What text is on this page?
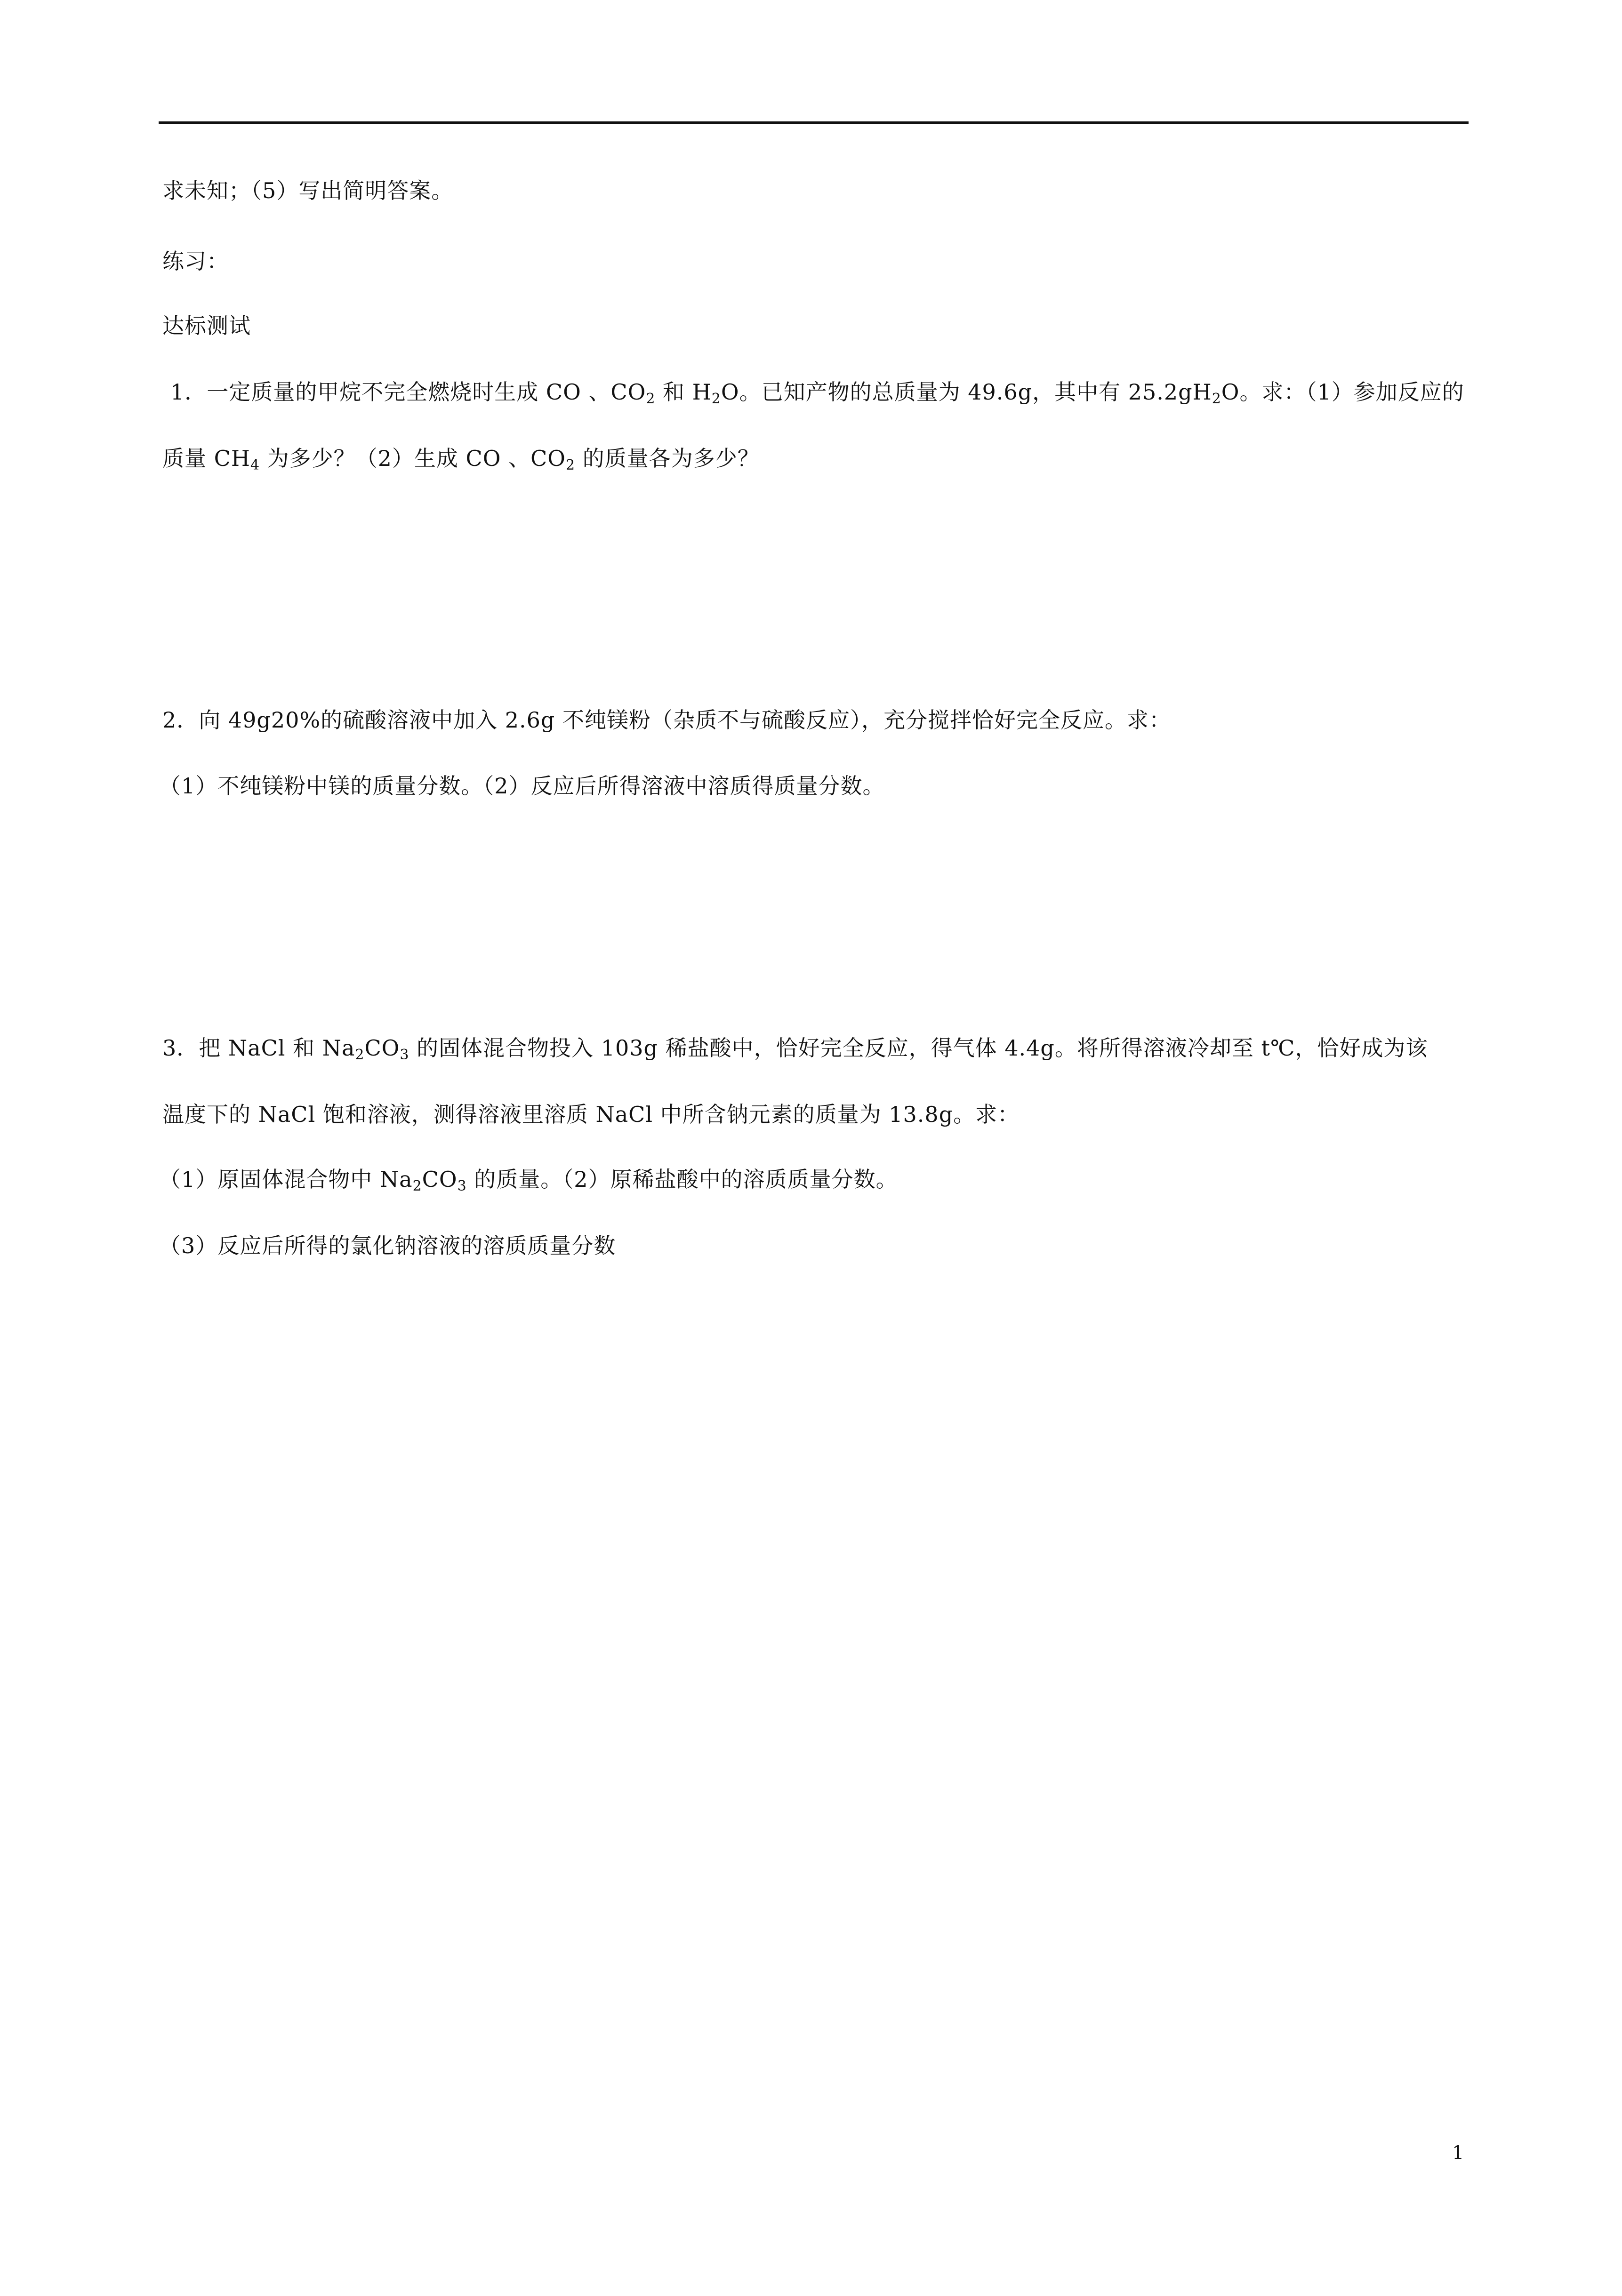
求未知；（5）写出简明答案。
练习：
达标测试
1．一定质量的甲烷不完全燃烧时生成 CO 、$CO_2$ 和 $H_2O$。已知产物的总质量为 49.6g，其中有 $25.2gH_2O$。求：（1）参加反应的
质量 $CH_4$ 为多少？（2）生成 CO 、$CO_2$ 的质量各为多少？
2．向 49g20%的硫酸溶液中加入 2.6g 不纯镁粉（杂质不与硫酸反应），充分搅拌恰好完全反应。求：
（1）不纯镁粉中镁的质量分数。（2）反应后所得溶液中溶质得质量分数。
3．把 NaCl 和 $Na_2CO_3$ 的固体混合物投入 103g 稀盐酸中，恰好完全反应，得气体 4.4g。将所得溶液冷却至 t℃，恰好成为该
温度下的 NaCl 饱和溶液，测得溶液里溶质 NaCl 中所含钠元素的质量为 13.8g。求：
（1）原固体混合物中 $Na_2CO_3$ 的质量。（2）原稀盐酸中的溶质质量分数。
（3）反应后所得的氯化钠溶液的溶质质量分数
1
